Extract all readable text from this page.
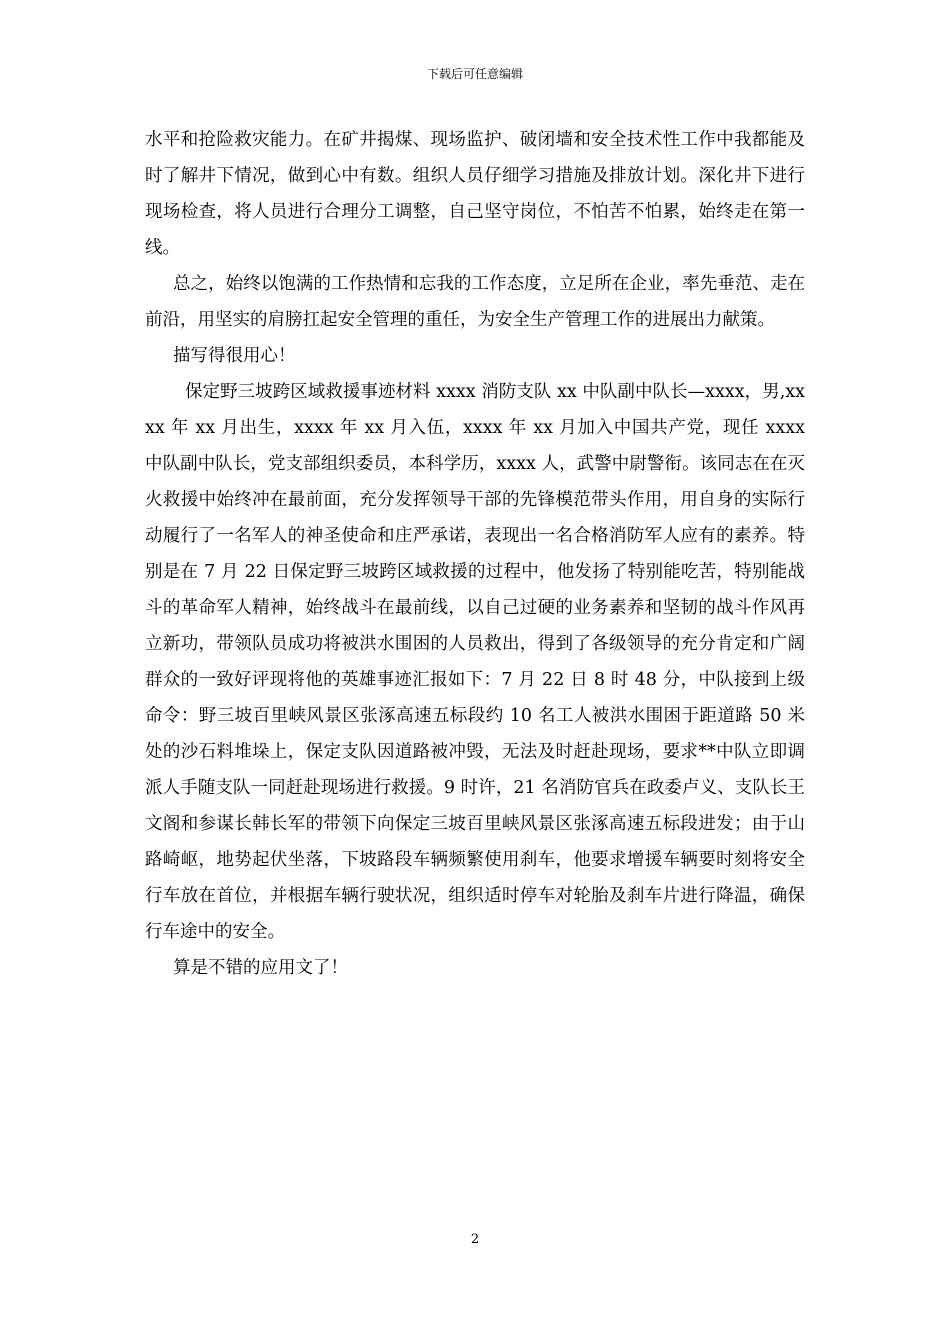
下载后可任意编辑

水平和抢险救灾能力。在矿井揭煤、现场监护、破闭墙和安全技术性工作中我都能及时了解井下情况，做到心中有数。组织人员仔细学习措施及排放计划。深化井下进行现场检查，将人员进行合理分工调整，自己坚守岗位，不怕苦不怕累，始终走在第一线。

总之，始终以饱满的工作热情和忘我的工作态度，立足所在企业，率先垂范、走在前沿，用坚实的肩膀扛起安全管理的重任，为安全生产管理工作的进展出力献策。

描写得很用心！

保定野三坡跨区域救援事迹材料 xxxx 消防支队 xx 中队副中队长—xxxx，男,xxxx 年 xx 月出生，xxxx 年 xx 月入伍，xxxx 年 xx 月加入中国共产党，现任 xxxx 中队副中队长，党支部组织委员，本科学历，xxxx 人，武警中尉警衔。该同志在在灭火救援中始终冲在最前面，充分发挥领导干部的先锋模范带头作用，用自身的实际行动履行了一名军人的神圣使命和庄严承诺，表现出一名合格消防军人应有的素养。特别是在 7 月 22 日保定野三坡跨区域救援的过程中，他发扬了特别能吃苦，特别能战斗的革命军人精神，始终战斗在最前线，以自己过硬的业务素养和坚韧的战斗作风再立新功，带领队员成功将被洪水围困的人员救出，得到了各级领导的充分肯定和广阔群众的一致好评现将他的英雄事迹汇报如下：7 月 22 日 8 时 48 分，中队接到上级命令：野三坡百里峡风景区张涿高速五标段约 10 名工人被洪水围困于距道路 50 米处的沙石料堆垛上，保定支队因道路被冲毁，无法及时赶赴现场，要求**中队立即调派人手随支队一同赶赴现场进行救援。9 时许，21 名消防官兵在政委卢义、支队长王文阁和参谋长韩长军的带领下向保定三坡百里峡风景区张涿高速五标段进发；由于山路崎岖，地势起伏坐落，下坡路段车辆频繁使用刹车，他要求增援车辆要时刻将安全行车放在首位，并根据车辆行驶状况，组织适时停车对轮胎及刹车片进行降温，确保行车途中的安全。

算是不错的应用文了！

2
